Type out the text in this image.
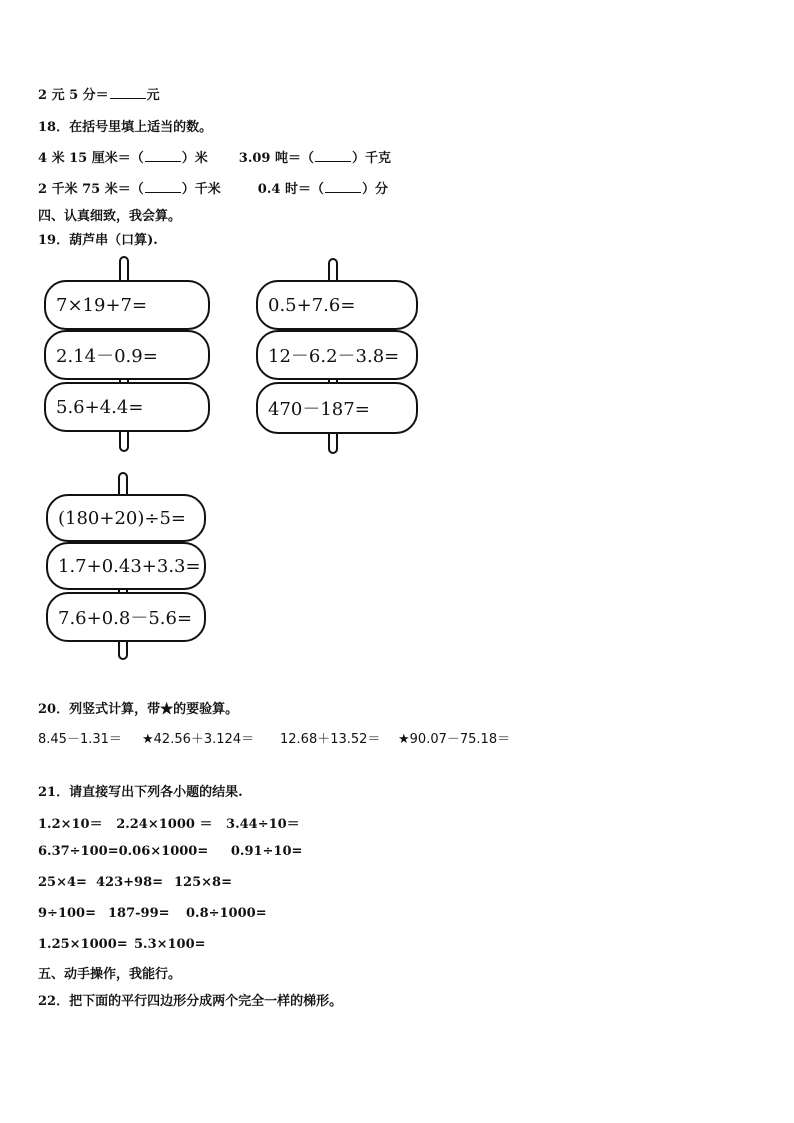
2 元 5 分＝	元
18．在括号里填上适当的数。
4 米 15 厘米＝（	）米 3.09 吨＝（	）千克
2 千米 75 米＝（	）千米	0.4 时＝（	）分
四、认真细致，我会算。
19．葫芦串（口算).
7×19+7=
2.14－0.9=
5.6+4.4=
0.5+7.6=
12－6.2－3.8=
470－187=
(180+20)÷5=
1.7+0.43+3.3=
7.6+0.8－5.6=
20．列竖式计算，带★的要验算。
8.45－1.31＝ ★42.56＋3.124＝ 12.68＋13.52＝ ★90.07－75.18＝
21．请直接写出下列各小题的结果.
1.2×10＝ 2.24×1000 ＝ 3.44÷10＝
6.37÷100=0.06×1000= 0.91÷10=
25×4= 423+98= 125×8=
9÷100= 187-99= 0.8÷1000=
1.25×1000= 5.3×100=
五、动手操作，我能行。
22．把下面的平行四边形分成两个完全一样的梯形。
